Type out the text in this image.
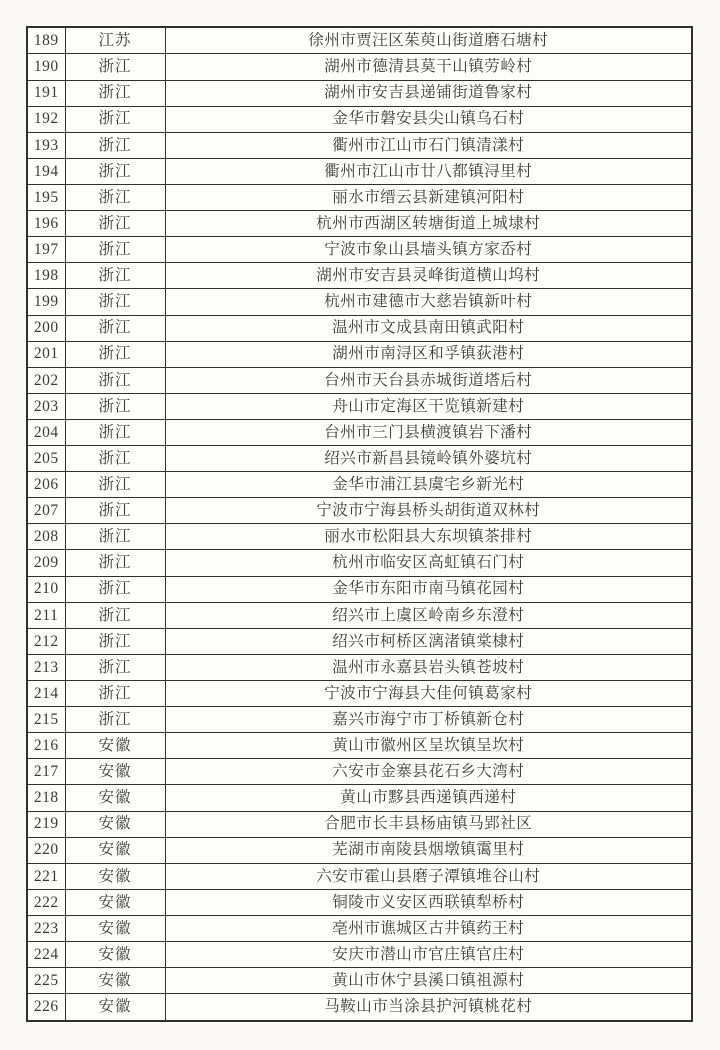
189	江苏	徐州市贾汪区茱萸山街道磨石塘村
190	浙江	湖州市德清县莫干山镇劳岭村
191	浙江	湖州市安吉县递铺街道鲁家村
192	浙江	金华市磐安县尖山镇乌石村
193	浙江	衢州市江山市石门镇清漾村
194	浙江	衢州市江山市廿八都镇浔里村
195	浙江	丽水市缙云县新建镇河阳村
196	浙江	杭州市西湖区转塘街道上城埭村
197	浙江	宁波市象山县墙头镇方家岙村
198	浙江	湖州市安吉县灵峰街道横山坞村
199	浙江	杭州市建德市大慈岩镇新叶村
200	浙江	温州市文成县南田镇武阳村
201	浙江	湖州市南浔区和孚镇荻港村
202	浙江	台州市天台县赤城街道塔后村
203	浙江	舟山市定海区干览镇新建村
204	浙江	台州市三门县横渡镇岩下潘村
205	浙江	绍兴市新昌县镜岭镇外婆坑村
206	浙江	金华市浦江县虞宅乡新光村
207	浙江	宁波市宁海县桥头胡街道双林村
208	浙江	丽水市松阳县大东坝镇茶排村
209	浙江	杭州市临安区高虹镇石门村
210	浙江	金华市东阳市南马镇花园村
211	浙江	绍兴市上虞区岭南乡东澄村
212	浙江	绍兴市柯桥区漓渚镇棠棣村
213	浙江	温州市永嘉县岩头镇苍坡村
214	浙江	宁波市宁海县大佳何镇葛家村
215	浙江	嘉兴市海宁市丁桥镇新仓村
216	安徽	黄山市徽州区呈坎镇呈坎村
217	安徽	六安市金寨县花石乡大湾村
218	安徽	黄山市黟县西递镇西递村
219	安徽	合肥市长丰县杨庙镇马郢社区
220	安徽	芜湖市南陵县烟墩镇霭里村
221	安徽	六安市霍山县磨子潭镇堆谷山村
222	安徽	铜陵市义安区西联镇犁桥村
223	安徽	亳州市谯城区古井镇药王村
224	安徽	安庆市潜山市官庄镇官庄村
225	安徽	黄山市休宁县溪口镇祖源村
226	安徽	马鞍山市当涂县护河镇桃花村
